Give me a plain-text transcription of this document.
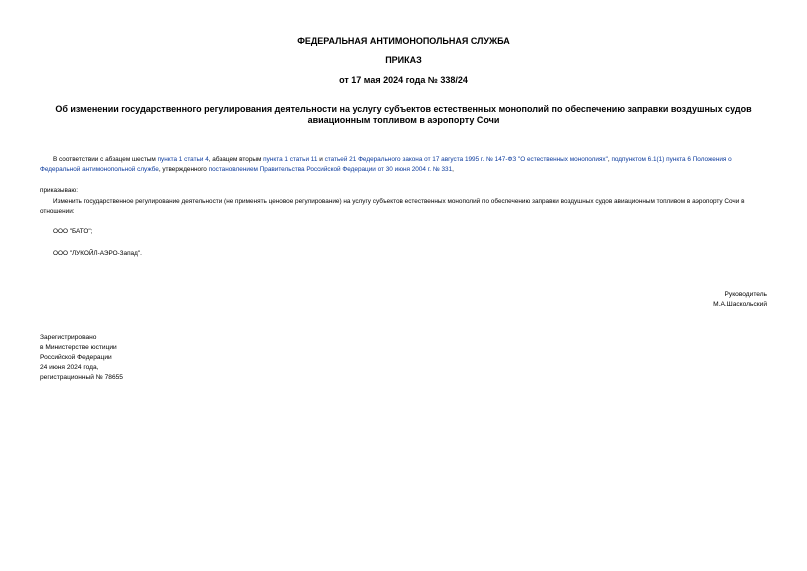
ФЕДЕРАЛЬНАЯ АНТИМОНОПОЛЬНАЯ СЛУЖБА
ПРИКАЗ
от 17 мая 2024 года № 338/24
Об изменении государственного регулирования деятельности на услугу субъектов естественных монополий по обеспечению заправки воздушных судов авиационным топливом в аэропорту Сочи
В соответствии с абзацем шестым пункта 1 статьи 4, абзацем вторым пункта 1 статьи 11 и статьей 21 Федерального закона от 17 августа 1995 г. № 147-ФЗ "О естественных монополиях", подпунктом 6.1(1) пункта 6 Положения о Федеральной антимонопольной службе, утвержденного постановлением Правительства Российской Федерации от 30 июня 2004 г. № 331,
приказываю:
Изменить государственное регулирование деятельности (не применять ценовое регулирование) на услугу субъектов естественных монополий по обеспечению заправки воздушных судов авиационным топливом в аэропорту Сочи в отношении:
ООО "БАТО";
ООО "ЛУКОЙЛ-АЭРО-Запад".
Руководитель
М.А.Шаскольский
Зарегистрировано
в Министерстве юстиции
Российской Федерации
24 июня 2024 года,
регистрационный № 78655
